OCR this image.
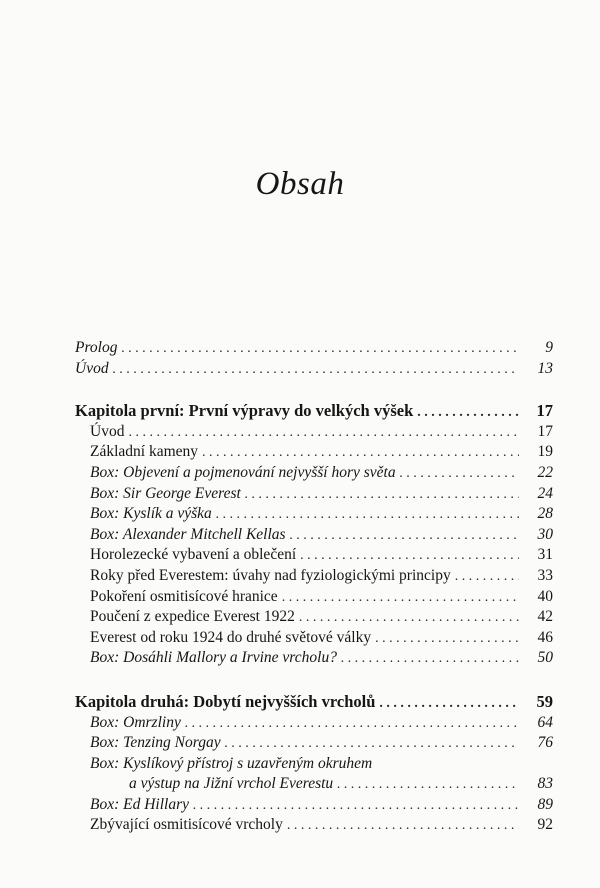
Obsah
Prolog . . .	9
Úvod . . .	13
Kapitola první: První výpravy do velkých výšek . . .	17
Úvod . . .	17
Základní kameny . . .	19
Box: Objevení a pojmenování nejvyšší hory světa . . .	22
Box: Sir George Everest . . .	24
Box: Kyslík a výška . . .	28
Box: Alexander Mitchell Kellas . . .	30
Horolezecké vybavení a oblečení . . .	31
Roky před Everestem: úvahy nad fyziologickými principy . . .	33
Pokoření osmitisícové hranice . . .	40
Poučení z expedice Everest 1922 . . .	42
Everest od roku 1924 do druhé světové války . . .	46
Box: Dosáhli Mallory a Irvine vrcholu? . . .	50
Kapitola druhá: Dobytí nejvyšších vrcholů . . .	59
Box: Omrzliny . . .	64
Box: Tenzing Norgay . . .	76
Box: Kyslíkový přístroj s uzavřeným okruhem
a výstup na Jižní vrchol Everestu . . .	83
Box: Ed Hillary . . .	89
Zbývající osmitisícové vrcholy . . .	92
